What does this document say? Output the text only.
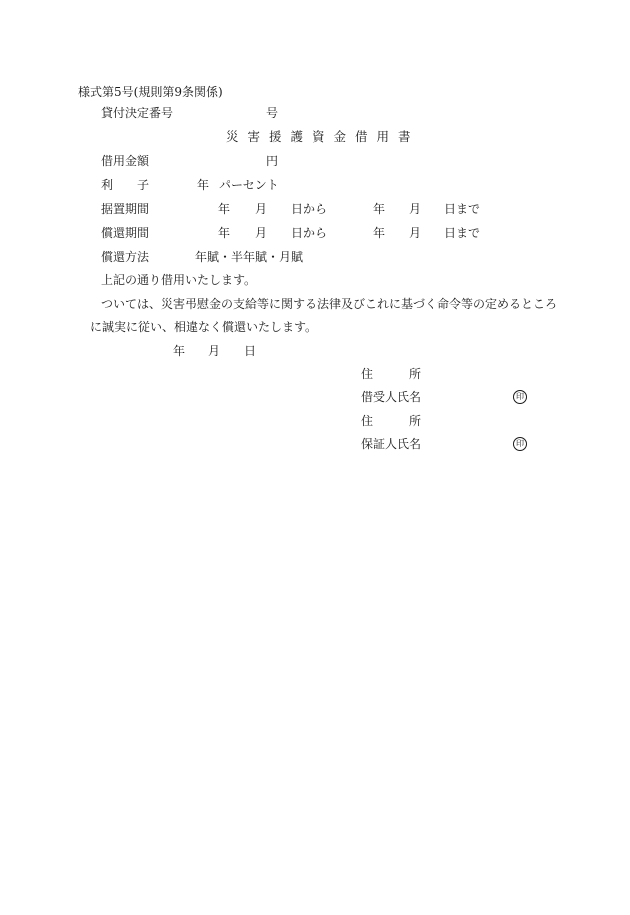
様式第5号(規則第9条関係)
貸付決定番号	号
災害援護資金借用書
借用金額	円
利 子	年 パーセント
据置期間	年 月 日から	年 月 日まで
償還期間	年 月 日から	年 月 日まで
償還方法	年賦・半年賦・月賦
上記の通り借用いたします。
ついては、災害弔慰金の支給等に関する法律及びこれに基づく命令等の定めるところ
に誠実に従い、相違なく償還いたします。
年 月 日
住	所
借受人氏名	印
住	所
保証人氏名	印
